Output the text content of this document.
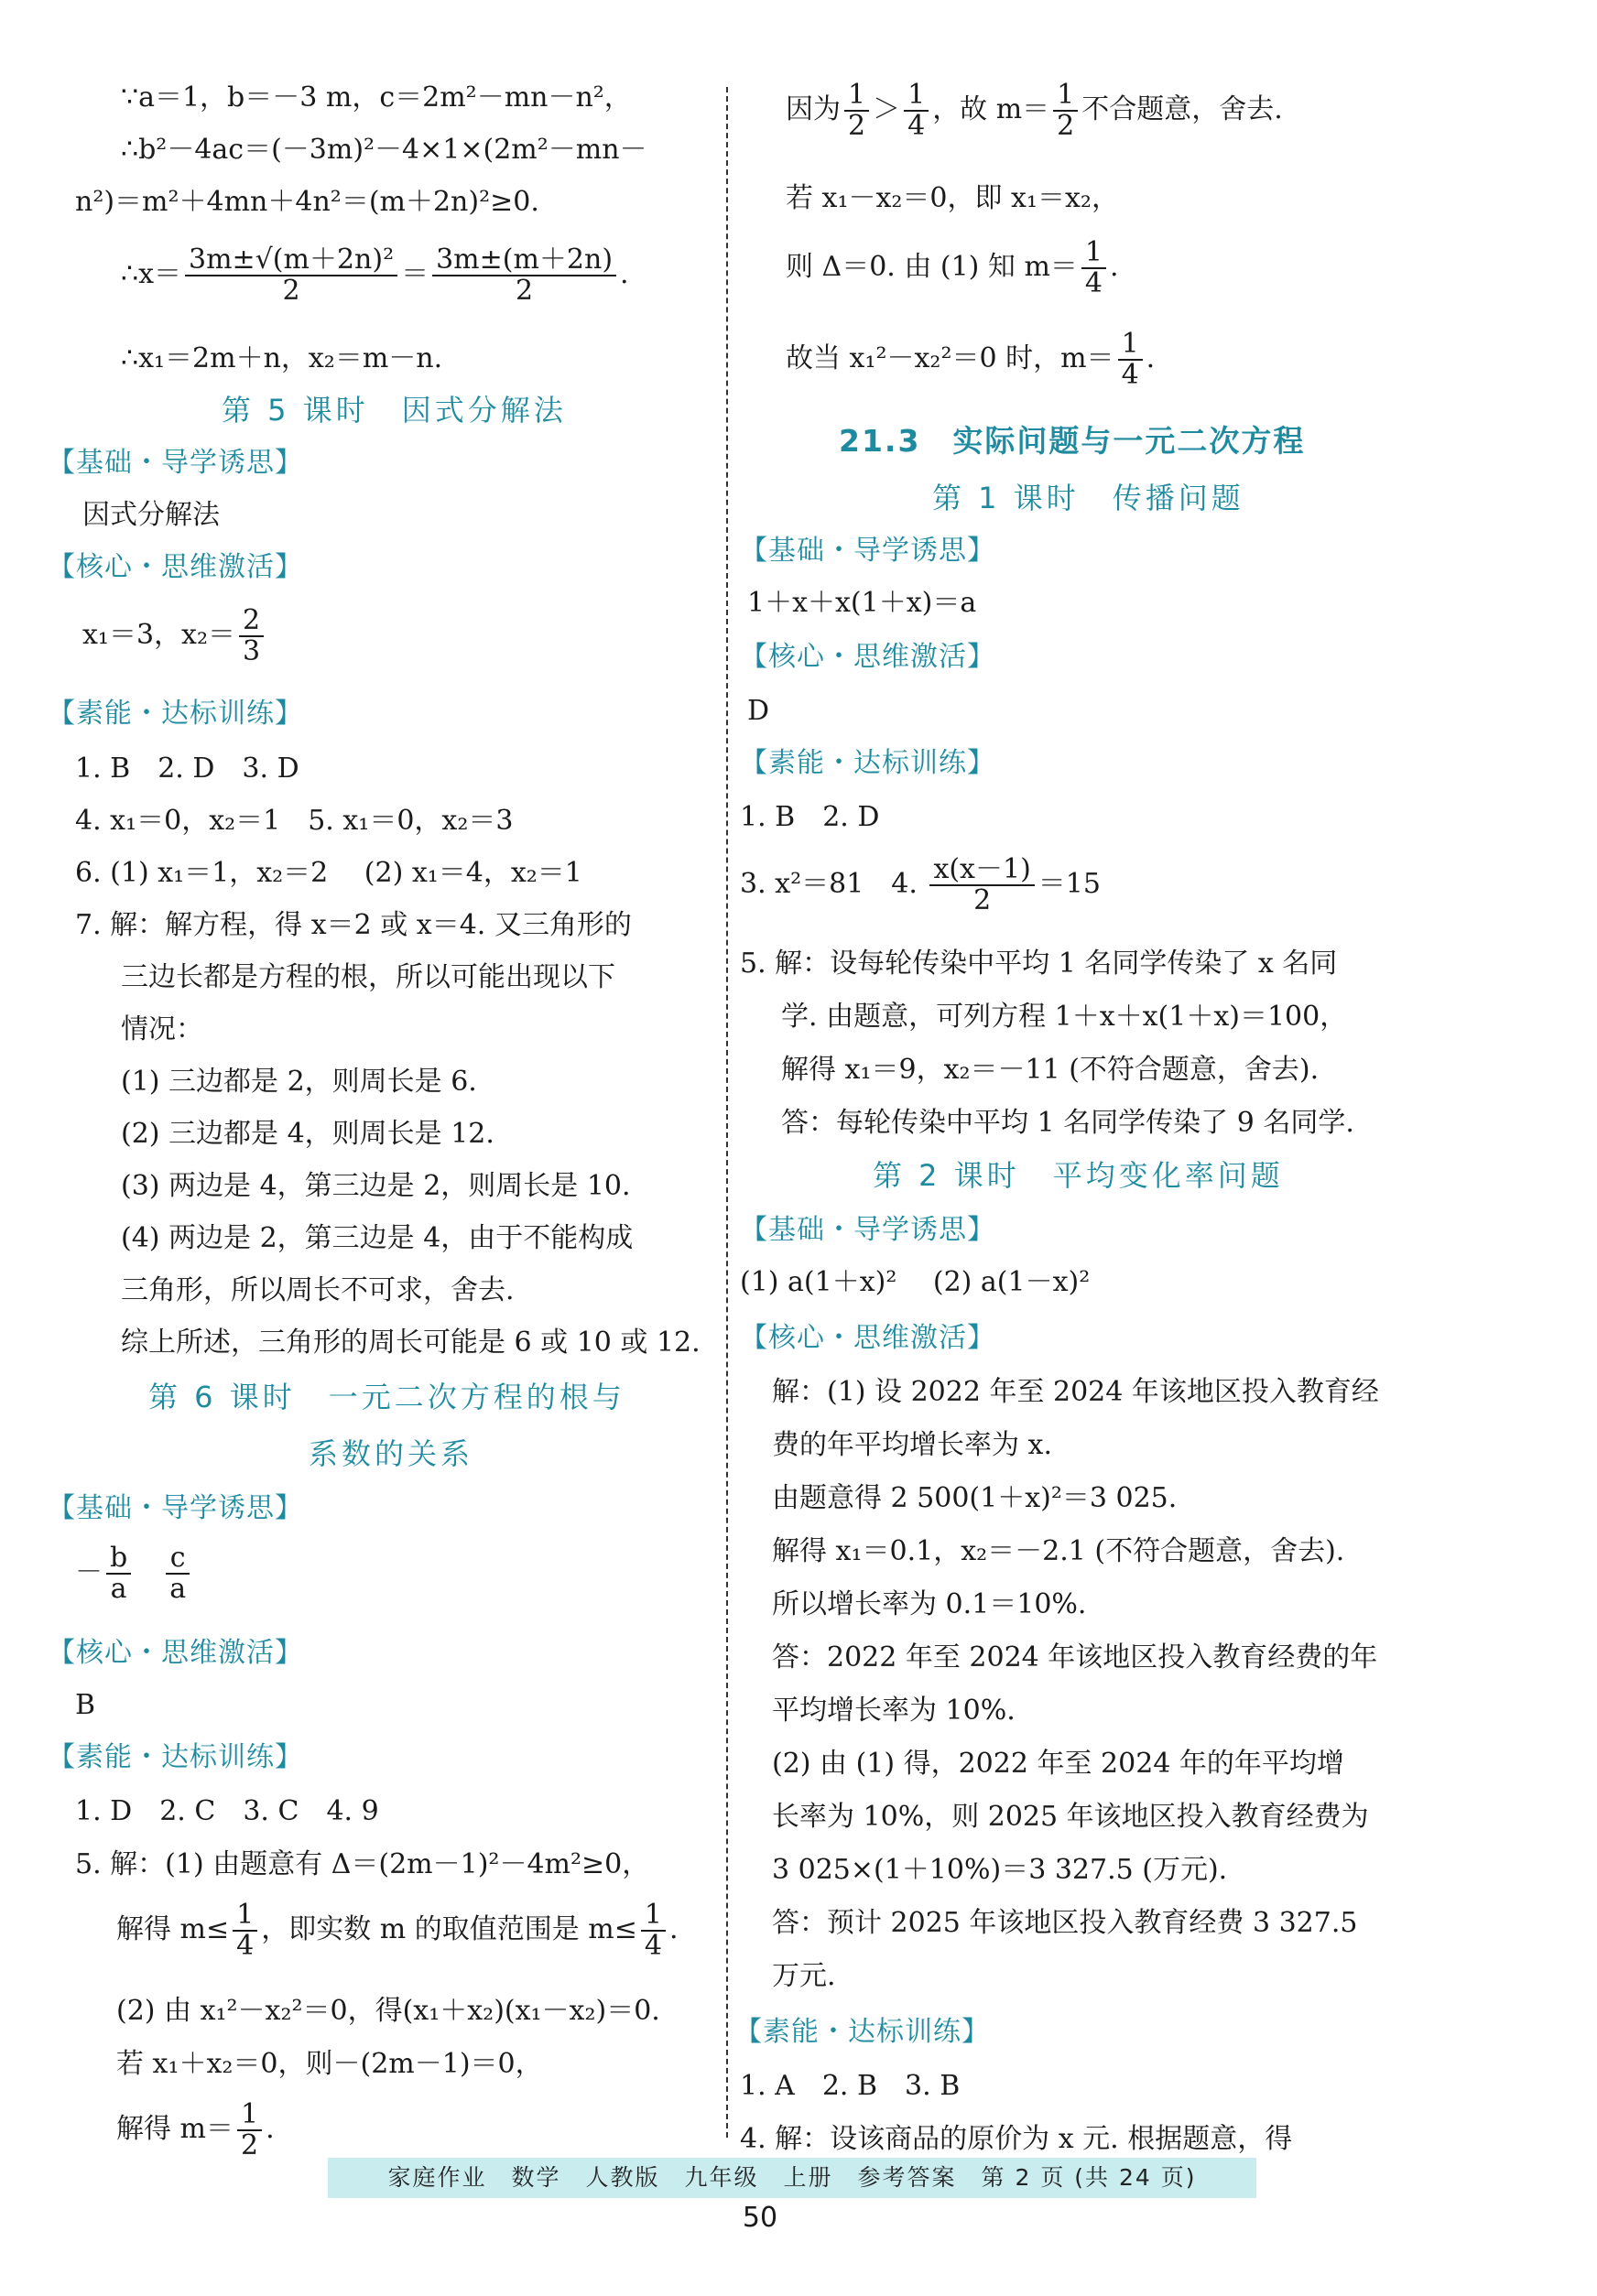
∵a＝1，b＝－3 m，c＝2m²－mn－n²，
∴b²－4ac＝(－3m)²－4×1×(2m²－mn－
n²)＝m²＋4mn＋4n²＝(m＋2n)²≥0.
∴x＝ $\frac{\text{3m±√(m＋2n)²}}{2} = \frac{3m\pm(m+2n)}{2}$ .
∴x₁＝2m＋n，x₂＝m－n.
第 5 课时　因式分解法
【基础・导学诱思】
因式分解法
【核心・思维激活】
x₁＝3，$x_2= \frac{2}{3}$
【素能・达标训练】
1. B　2. D　3. D
4. x₁＝0，x₂＝1　5. x₁＝0，x₂＝3
6. (1) x₁＝1，x₂＝2　 (2) x₁＝4，x₂＝1
7. 解：解方程，得 x＝2 或 x＝4. 又三角形的
三边长都是方程的根，所以可能出现以下
情况：
(1) 三边都是 2，则周长是 6.
(2) 三边都是 4，则周长是 12.
(3) 两边是 4，第三边是 2，则周长是 10.
(4) 两边是 2，第三边是 4，由于不能构成
三角形，所以周长不可求，舍去.
综上所述，三角形的周长可能是 6 或 10 或 12.
第 6 课时　一元二次方程的根与
系数的关系
【基础・导学诱思】
－ $\frac{b}{a}$
　 $\frac{c}{a}$
【核心・思维激活】
B
【素能・达标训练】
1. D　2. C　3. C　4. 9
5. 解：(1) 由题意有 Δ＝(2m－1)²－4m²≥0，
解得 $m\le \frac{1}{4}$ ，即实数 m 的取值范围是 $m\le \frac{1}{4}$ .
(2) 由 x₁²－x₂²＝0，得(x₁＋x₂)(x₁－x₂)＝0.
若 x₁＋x₂＝0，则－(2m－1)＝0，
解得 $m= \frac{1}{2}$ .
因为 $\frac{1}{2} > \frac{1}{4}$ ，故 $m= \frac{1}{2}$ 不合题意，舍去.
若 x₁－x₂＝0，即 x₁＝x₂，
则 Δ＝0. 由 (1) 知 $m= \frac{1}{4}$ .
故当 x₁²－x₂²＝0 时，$m= \frac{1}{4}$ .
21.3　实际问题与一元二次方程
第 1 课时　传播问题
【基础・导学诱思】
1＋x＋x(1＋x)＝a
【核心・思维激活】
D
【素能・达标训练】
1. B　2. D
3. x²＝81　4. $\frac{x(x-1)}{2} =15$
5. 解：设每轮传染中平均 1 名同学传染了 x 名同
学. 由题意，可列方程 1＋x＋x(1＋x)＝100，
解得 x₁＝9，x₂＝－11 (不符合题意，舍去).
答：每轮传染中平均 1 名同学传染了 9 名同学.
第 2 课时　平均变化率问题
【基础・导学诱思】
(1) a(1＋x)²　 (2) a(1－x)²
【核心・思维激活】
解：(1) 设 2022 年至 2024 年该地区投入教育经
费的年平均增长率为 x.
由题意得 2 500(1＋x)²＝3 025.
解得 x₁＝0.1，x₂＝－2.1 (不符合题意，舍去).
所以增长率为 0.1＝10%.
答：2022 年至 2024 年该地区投入教育经费的年
平均增长率为 10%.
(2) 由 (1) 得，2022 年至 2024 年的年平均增
长率为 10%，则 2025 年该地区投入教育经费为
3 025×(1＋10%)＝3 327.5 (万元).
答：预计 2025 年该地区投入教育经费 3 327.5
万元.
【素能・达标训练】
1. A　2. B　3. B
4. 解：设该商品的原价为 x 元. 根据题意，得
家庭作业　数学　人教版　九年级　上册　参考答案　第 2 页 (共 24 页)
50
